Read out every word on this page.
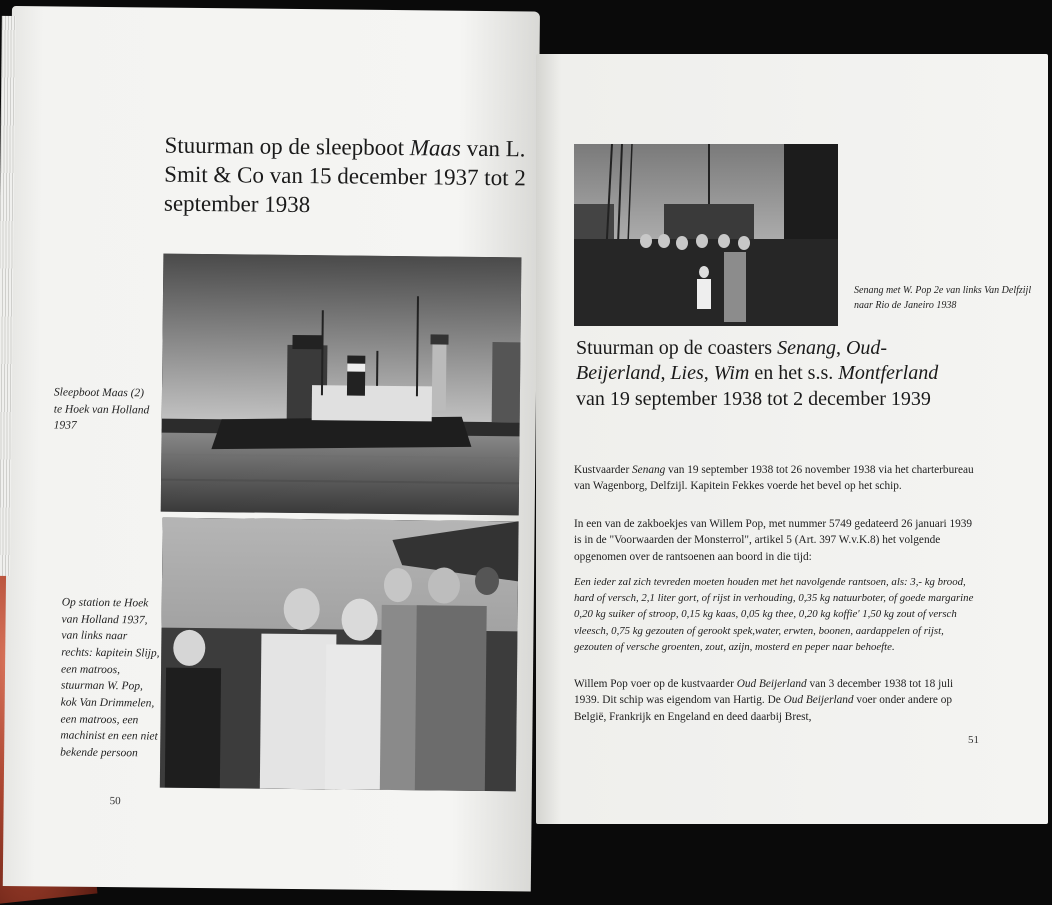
Stuurman op de sleepboot Maas van L. Smit & Co van 15 december 1937 tot 2 september 1938

Sleepboot Maas (2) te Hoek van Holland 1937

Op station te Hoek van Holland 1937, van links naar rechts: kapitein Slijp, een matroos, stuurman W. Pop, kok Van Drimmelen, een matroos, een machinist en een niet bekende persoon

50

Senang met W. Pop 2e van links Van Delfzijl naar Rio de Janeiro 1938

Stuurman op de coasters Senang, Oud-Beijerland, Lies, Wim en het s.s. Montferland van 19 september 1938 tot 2 december 1939

Kustvaarder Senang van 19 september 1938 tot 26 november 1938 via het charterbureau van Wagenborg, Delfzijl. Kapitein Fekkes voerde het bevel op het schip.

In een van de zakboekjes van Willem Pop, met nummer 5749 gedateerd 26 januari 1939 is in de "Voorwaarden der Monsterrol", artikel 5 (Art. 397 W.v.K.8) het volgende opgenomen over de rantsoenen aan boord in die tijd:

Een ieder zal zich tevreden moeten houden met het navolgende rantsoen, als: 3,- kg brood, hard of versch, 2,1 liter gort, of rijst in verhouding, 0,35 kg natuurboter, of goede margarine 0,20 kg suiker of stroop, 0,15 kg kaas, 0,05 kg thee, 0,20 kg koffie' 1,50 kg zout of versch vleesch, 0,75 kg gezouten of gerookt spek,water, erwten, boonen, aardappelen of rijst, gezouten of versche groenten, zout, azijn, mosterd en peper naar behoefte.

Willem Pop voer op de kustvaarder Oud Beijerland van 3 december 1938 tot 18 juli 1939. Dit schip was eigendom van Hartig. De Oud Beijerland voer onder andere op België, Frankrijk en Engeland en deed daarbij Brest,

51
